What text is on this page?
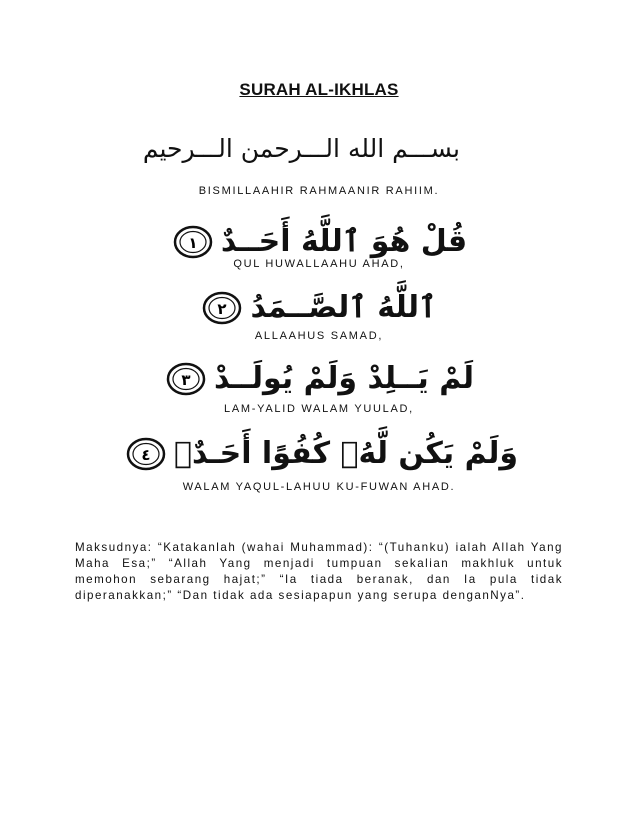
SURAH AL-IKHLAS
بســـم الله الـــرحمن الـــرحيم
BISMILLAAHIR RAHMAANIR RAHIIM.
١ قُلْ هُوَ ٱللَّهُ أَحَــدٌ
QUL HUWALLAAHU AHAD,
٢ ٱللَّهُ ٱلصَّــمَدُ
ALLAAHUS SAMAD,
٣ لَمْ يَــلِدْ وَلَمْ يُولَــدْ
LAM-YALID WALAM YUULAD,
٤ وَلَمْ يَكُن لَّهُۥ كُفُوًا أَحَـدٌۢ
WALAM YAQUL-LAHUU KU-FUWAN AHAD.
Maksudnya: “Katakanlah (wahai Muhammad): “(Tuhanku) ialah Allah Yang Maha Esa;” “Allah Yang menjadi tumpuan sekalian makhluk untuk memohon sebarang hajat;” “Ia tiada beranak, dan Ia pula tidak diperanakkan;” “Dan tidak ada sesiapapun yang serupa denganNya”.
